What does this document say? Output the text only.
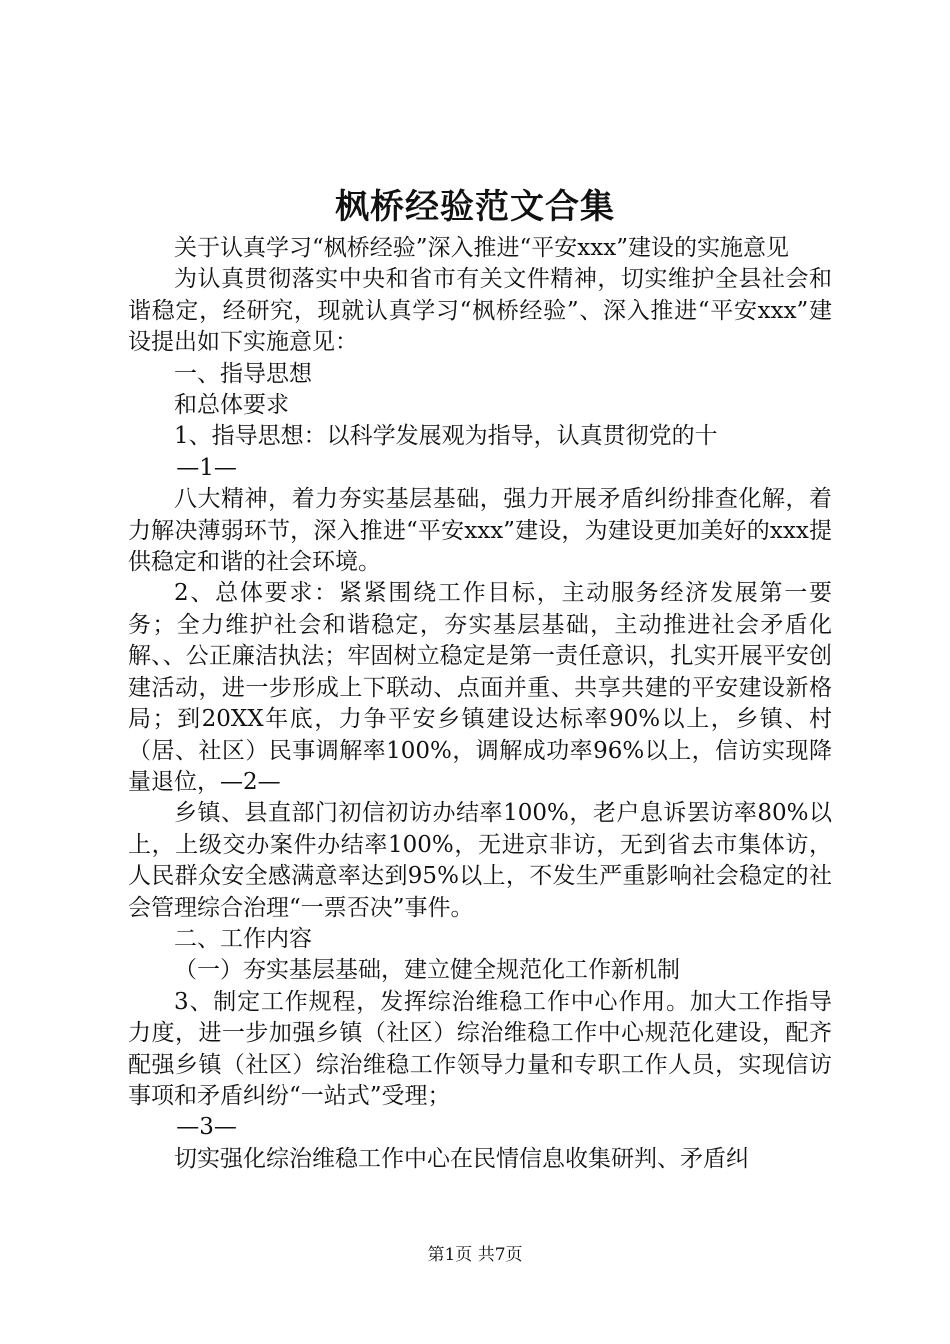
枫桥经验范文合集

关于认真学习“枫桥经验”深入推进“平安xxx”建设的实施意见

为认真贯彻落实中央和省市有关文件精神，切实维护全县社会和谐稳定，经研究，现就认真学习“枫桥经验”、深入推进“平安xxx”建设提出如下实施意见：

一、指导思想

和总体要求

1、指导思想：以科学发展观为指导，认真贯彻党的十

—1—

八大精神，着力夯实基层基础，强力开展矛盾纠纷排查化解，着力解决薄弱环节，深入推进“平安xxx”建设，为建设更加美好的xxx提供稳定和谐的社会环境。

2、总体要求：紧紧围绕工作目标，主动服务经济发展第一要务；全力维护社会和谐稳定，夯实基层基础，主动推进社会矛盾化解、、公正廉洁执法；牢固树立稳定是第一责任意识，扎实开展平安创建活动，进一步形成上下联动、点面并重、共享共建的平安建设新格局；到20XX年底，力争平安乡镇建设达标率90%以上，乡镇、村（居、社区）民事调解率100%，调解成功率96%以上，信访实现降量退位，—2—

乡镇、县直部门初信初访办结率100%，老户息诉罢访率80%以上，上级交办案件办结率100%，无进京非访，无到省去市集体访，人民群众安全感满意率达到95%以上，不发生严重影响社会稳定的社会管理综合治理“一票否决”事件。

二、工作内容

（一）夯实基层基础，建立健全规范化工作新机制

3、制定工作规程，发挥综治维稳工作中心作用。加大工作指导力度，进一步加强乡镇（社区）综治维稳工作中心规范化建设，配齐配强乡镇（社区）综治维稳工作领导力量和专职工作人员，实现信访事项和矛盾纠纷“一站式”受理；

—3—

切实强化综治维稳工作中心在民情信息收集研判、矛盾纠

第1页 共7页
